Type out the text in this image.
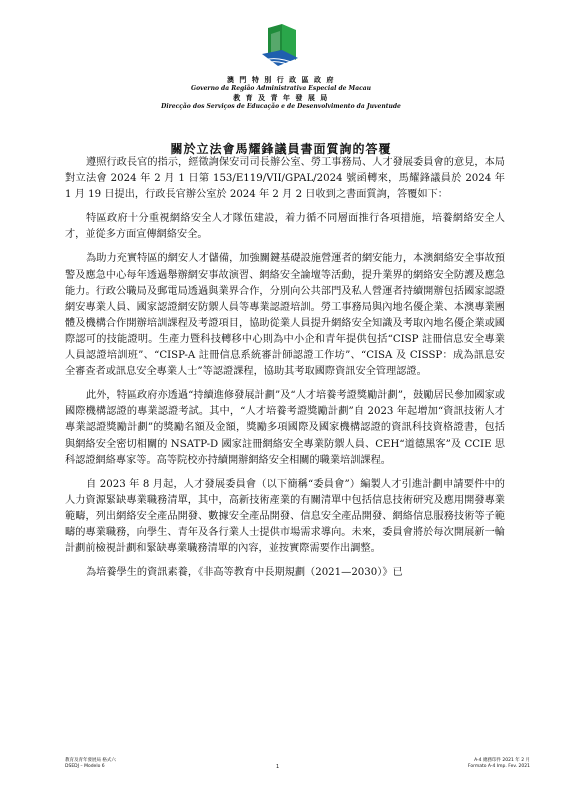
澳 門 特 別 行 政 區 政 府
Governo da Região Administrativa Especial de Macau
教 育 及 青 年 發 展 局
Direcção dos Serviços de Educação e de Desenvolvimento da Juventude
關於立法會馬耀鋒議員書面質詢的答覆

遵照行政長官的指示，經徵詢保安司司長辦公室、勞工事務局、人才發展委員會的意見，本局對立法會 2024 年 2 月 1 日第 153/E119/VII/GPAL/2024 號函轉來，馬耀鋒議員於 2024 年 1 月 19 日提出，行政長官辦公室於 2024 年 2 月 2 日收到之書面質詢，答覆如下：

特區政府十分重視網絡安全人才隊伍建設，着力循不同層面推行各項措施，培養網絡安全人才，並從多方面宣傳網絡安全。

為助力充實特區的網安人才儲備，加強關鍵基礎設施營運者的網安能力，本澳網絡安全事故預警及應急中心每年透過舉辦網安事故演習、網絡安全論壇等活動，提升業界的網絡安全防護及應急能力。行政公職局及郵電局透過與業界合作，分別向公共部門及私人營運者持續開辦包括國家認證網安專業人員、國家認證網安防禦人員等專業認證培訓。勞工事務局與內地名優企業、本澳專業團體及機構合作開辦培訓課程及考證項目，協助從業人員提升網絡安全知識及考取內地名優企業或國際認可的技能證明。生產力暨科技轉移中心則為中小企和青年提供包括“CISP 註冊信息安全專業人員認證培訓班”、“CISP-A 註冊信息系統審計師認證工作坊”、“CISA 及 CISSP：成為訊息安全審查者或訊息安全專業人士”等認證課程，協助其考取國際資訊安全管理認證。

此外，特區政府亦透過“持續進修發展計劃”及“人才培養考證獎勵計劃”，鼓勵居民參加國家或國際機構認證的專業認證考試。其中，“人才培養考證獎勵計劃”自 2023 年起增加“資訊技術人才專業認證獎勵計劃”的獎勵名額及金額，獎勵多項國際及國家機構認證的資訊科技資格證書，包括與網絡安全密切相關的 NSATP-D 國家註冊網絡安全專業防禦人員、CEH“道德黑客”及 CCIE 思科認證網絡專家等。高等院校亦持續開辦網絡安全相關的職業培訓課程。

自 2023 年 8 月起，人才發展委員會（以下簡稱“委員會”）編製人才引進計劃申請要件中的人力資源緊缺專業職務清單，其中，高新技術產業的有關清單中包括信息技術研究及應用開發專業範疇，列出網絡安全產品開發、數據安全產品開發、信息安全產品開發、網絡信息服務技術等子範疇的專業職務，向學生、青年及各行業人士提供市場需求導向。未來，委員會將於每次開展新一輪計劃前檢視計劃和緊缺專業職務清單的內容，並按實際需要作出調整。

為培養學生的資訊素養，《非高等教育中長期規劃（2021—2030）》已

教育及青年發展局 格式六
DSEDJ – Modelo 6	1
A-4 總務印件 2021 年 2 月
Formato A-4 Imp. Fev. 2021
